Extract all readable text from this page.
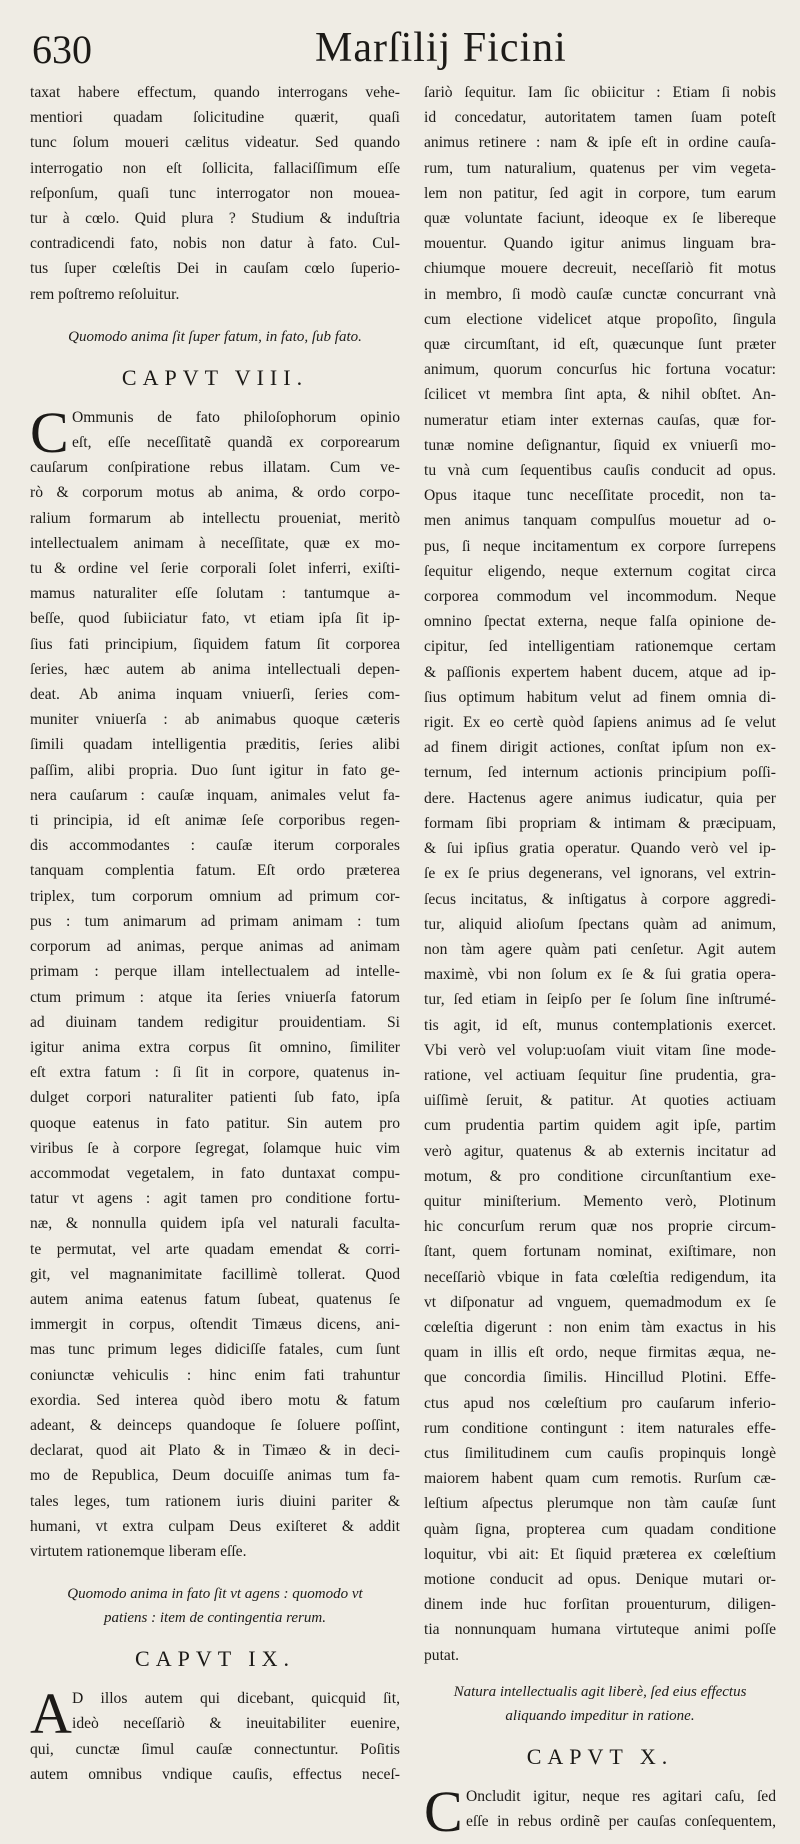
630	Marſilij Ficini
taxat habere effectum, quando interrogans vehe-
mentiori quadam ſolicitudine quærit, quaſi
tunc ſolum moueri cælitus videatur. Sed quando
interrogatio non eſt ſollicita, fallaciſſimum eſſe
reſponſum, quaſi tunc interrogator non mouea-
tur à cœlo. Quid plura ? Studium & induſtria
contradicendi fato, nobis non datur à fato. Cul-
tus ſuper cœleſtis Dei in cauſam cœlo ſuperio-
rem poſtremo reſoluitur.
Quomodo anima ſit ſuper fatum, in fato, ſub fato.
CAPVT VIII.
C Ommunis de fato philoſophorum opinio
eſt, eſſe neceſſitatẽ quandã ex corporearum
cauſarum conſpiratione rebus illatam. Cum ve-
rò & corporum motus ab anima, & ordo corpo-
ralium formarum ab intellectu proueniat, meritò
intellectualem animam à neceſſitate, quæ ex mo-
tu & ordine vel ſerie corporali ſolet inferri, exiſti-
mamus naturaliter eſſe ſolutam : tantumque a-
beſſe, quod ſubiiciatur fato, vt etiam ipſa ſit ip-
ſius fati principium, ſiquidem fatum ſit corporea
ſeries, hæc autem ab anima intellectuali depen-
deat. Ab anima inquam vniuerſi, ſeries com-
muniter vniuerſa : ab animabus quoque cæteris
ſimili quadam intelligentia præditis, ſeries alibi
paſſim, alibi propria. Duo ſunt igitur in fato ge-
nera cauſarum : cauſæ inquam, animales velut fa-
ti principia, id eſt animæ ſeſe corporibus regen-
dis accommodantes : cauſæ iterum corporales
tanquam complentia fatum. Eſt ordo præterea
triplex, tum corporum omnium ad primum cor-
pus : tum animarum ad primam animam : tum
corporum ad animas, perque animas ad animam
primam : perque illam intellectualem ad intelle-
ctum primum : atque ita ſeries vniuerſa fatorum
ad diuinam tandem redigitur prouidentiam. Si
igitur anima extra corpus ſit omnino, ſimiliter
eſt extra fatum : ſi ſit in corpore, quatenus in-
dulget corpori naturaliter patienti ſub fato, ipſa
quoque eatenus in fato patitur. Sin autem pro
viribus ſe à corpore ſegregat, ſolamque huic vim
accommodat vegetalem, in fato duntaxat compu-
tatur vt agens : agit tamen pro conditione fortu-
næ, & nonnulla quidem ipſa vel naturali facultа-
te permutat, vel arte quadam emendat & corri-
git, vel magnanimitate facillimè tollerat. Quod
autem anima eatenus fatum ſubeat, quatenus ſe
immergit in corpus, oſtendit Timæus dicens, ani-
mas tunc primum leges didiciſſe fatales, cum ſunt
coniunctæ vehiculis : hinc enim fati trahuntur
exordia. Sed interea quòd ibero motu & fatum
adeant, & deinceps quandoque ſe ſoluere poſſint,
declarat, quod ait Plato & in Timæo & in deci-
mo de Republica, Deum docuiſſe animas tum fa-
tales leges, tum rationem iuris diuini pariter &
humani, vt extra culpam Deus exiſteret & addit
virtutem rationemque liberam eſſe.
Quomodo anima in fato ſit vt agens : quomodo vt
patiens : item de contingentia rerum.
CAPVT IX.
A D illos autem qui dicebant, quicquid ſit,
ideò neceſſariò & ineuitabiliter euenire,
qui, cunctæ ſimul cauſæ connectuntur. Poſitis
autem omnibus vndique cauſis, effectus neceſ-
ſariò ſequitur. Iam ſic obiicitur : Etiam ſi nobis
id concedatur, autoritatem tamen ſuam poteſt
animus retinere : nam & ipſe eſt in ordine cauſa-
rum, tum naturalium, quatenus per vim vegeta-
lem non patitur, ſed agit in corpore, tum earum
quæ voluntate faciunt, ideoque ex ſe libereque
mouentur. Quando igitur animus linguam bra-
chiumque mouere decreuit, neceſſariò fit motus
in membro, ſi modò cauſæ cunctæ concurrant vnà
cum electione videlicet atque propoſito, ſingula
quæ circumſtant, id eſt, quæcunque ſunt præter
animum, quorum concurſus hic fortuna vocatur:
ſcilicet vt membra ſint apta, & nihil obſtet. An-
numeratur etiam inter externas cauſas, quæ for-
tunæ nomine deſignantur, ſiquid ex vniuerſi mo-
tu vnà cum ſequentibus cauſis conducit ad opus.
Opus itaque tunc neceſſitate procedit, non ta-
men animus tanquam compulſus mouetur ad o-
pus, ſi neque incitamentum ex corpore ſurrepens
ſequitur eligendo, neque externum cogitat circa
corporea commodum vel incommodum. Neque
omnino ſpectat externa, neque falſa opinione de-
cipitur, ſed intelligentiam rationemque certam
& paſſionis expertem habent ducem, atque ad ip-
ſius optimum habitum velut ad finem omnia di-
rigit. Ex eo certè quòd ſapiens animus ad ſe velut
ad finem dirigit actiones, conſtat ipſum non ex-
ternum, ſed internum actionis principium poſſi-
dere. Hactenus agere animus iudicatur, quia per
formam ſibi propriam & intimam & præcipuam,
& ſui ipſius gratia operatur. Quando verò vel ip-
ſe ex ſe prius degenerans, vel ignorans, vel extrin-
ſecus incitatus, & inſtigatus à corpore aggredi-
tur, aliquid alioſum ſpectans quàm ad animum,
non tàm agere quàm pati cenſetur. Agit autem
maximè, vbi non ſolum ex ſe & ſui gratia opera-
tur, ſed etiam in ſeipſo per ſe ſolum ſine inſtrumé-
tis agit, id eſt, munus contemplationis exercet.
Vbi verò vel volup:uoſam viuit vitam ſine mode-
ratione, vel actiuam ſequitur ſine prudentia, gra-
uiſſimè ſeruit, & patitur. At quoties actiuam
cum prudentia partim quidem agit ipſe, partim
verò agitur, quatenus & ab externis incitatur ad
motum, & pro conditione circunſtantium exe-
quitur miniſterium. Memento verò, Plotinum
hic concurſum rerum quæ nos proprie circum-
ſtant, quem fortunam nominat, exiſtimare, non
neceſſariò vbique in fata cœleſtia redigendum, ita
vt diſponatur ad vnguem, quemadmodum ex ſe
cœleſtia digerunt : non enim tàm exactus in his
quam in illis eſt ordo, neque firmitas æqua, ne-
que concordia ſimilis. Hincillud Plotini. Effe-
ctus apud nos cœleſtium pro cauſarum inferio-
rum conditione contingunt : item naturales effe-
ctus ſimilitudinem cum cauſis propinquis longè
maiorem habent quam cum remotis. Rurſum cæ-
leſtium aſpectus plerumque non tàm cauſæ ſunt
quàm ſigna, propterea cum quadam conditione
loquitur, vbi ait: Et ſiquid præterea ex cœleſtium
motione conducit ad opus. Denique mutari or-
dinem inde huc forſitan prouenturum, diligen-
tia nonnunquam humana virtuteque animi poſſe
putat.
Natura intellectualis agit liberè, ſed eius effectus
aliquando impeditur in ratione.
CAPVT X.
C Oncludit igitur, neque res agitari caſu, ſed
eſſe in rebus ordinẽ per cauſas conſequentem,
